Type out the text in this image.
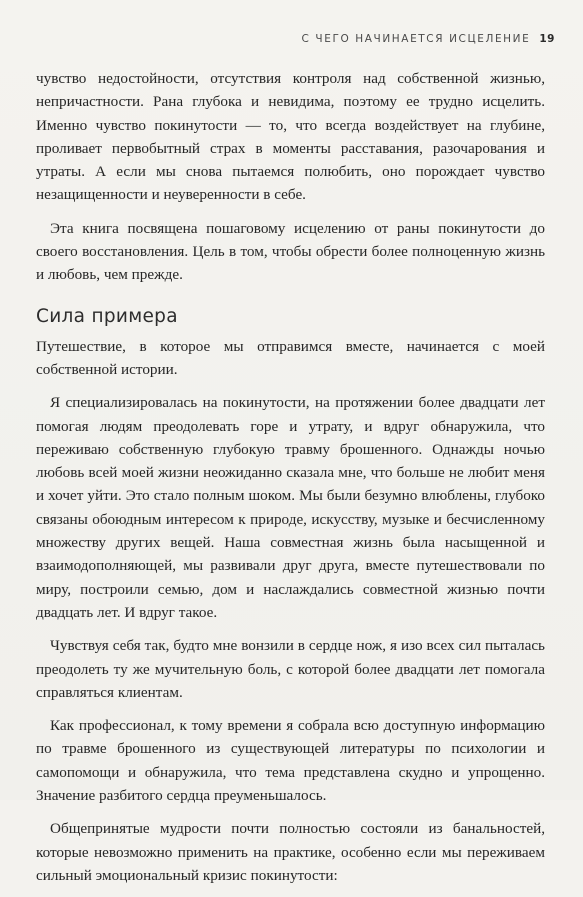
С ЧЕГО НАЧИНАЕТСЯ ИСЦЕЛЕНИЕ 19

чувство недостойности, отсутствия контроля над собственной жизнью, непричастности. Рана глубока и невидима, поэтому ее трудно исцелить. Именно чувство покинутости — то, что всегда воздействует на глубине, проливает первобытный страх в моменты расставания, разочарования и утраты. А если мы снова пытаемся полюбить, оно порождает чувство незащищенности и неуверенности в себе.

Эта книга посвящена пошаговому исцелению от раны покинутости до своего восстановления. Цель в том, чтобы обрести более полноценную жизнь и любовь, чем прежде.

Сила примера

Путешествие, в которое мы отправимся вместе, начинается с моей собственной истории.

Я специализировалась на покинутости, на протяжении более двадцати лет помогая людям преодолевать горе и утрату, и вдруг обнаружила, что переживаю собственную глубокую травму брошенного. Однажды ночью любовь всей моей жизни неожиданно сказала мне, что больше не любит меня и хочет уйти. Это стало полным шоком. Мы были безумно влюблены, глубоко связаны обоюдным интересом к природе, искусству, музыке и бесчисленному множеству других вещей. Наша совместная жизнь была насыщенной и взаимодополняющей, мы развивали друг друга, вместе путешествовали по миру, построили семью, дом и наслаждались совместной жизнью почти двадцать лет. И вдруг такое.

Чувствуя себя так, будто мне вонзили в сердце нож, я изо всех сил пыталась преодолеть ту же мучительную боль, с которой более двадцати лет помогала справляться клиентам.

Как профессионал, к тому времени я собрала всю доступную информацию по травме брошенного из существующей литературы по психологии и самопомощи и обнаружила, что тема представлена скудно и упрощенно. Значение разбитого сердца преуменьшалось.

Общепринятые мудрости почти полностью состояли из банальностей, которые невозможно применить на практике, особенно если мы переживаем сильный эмоциональный кризис покинутости:
